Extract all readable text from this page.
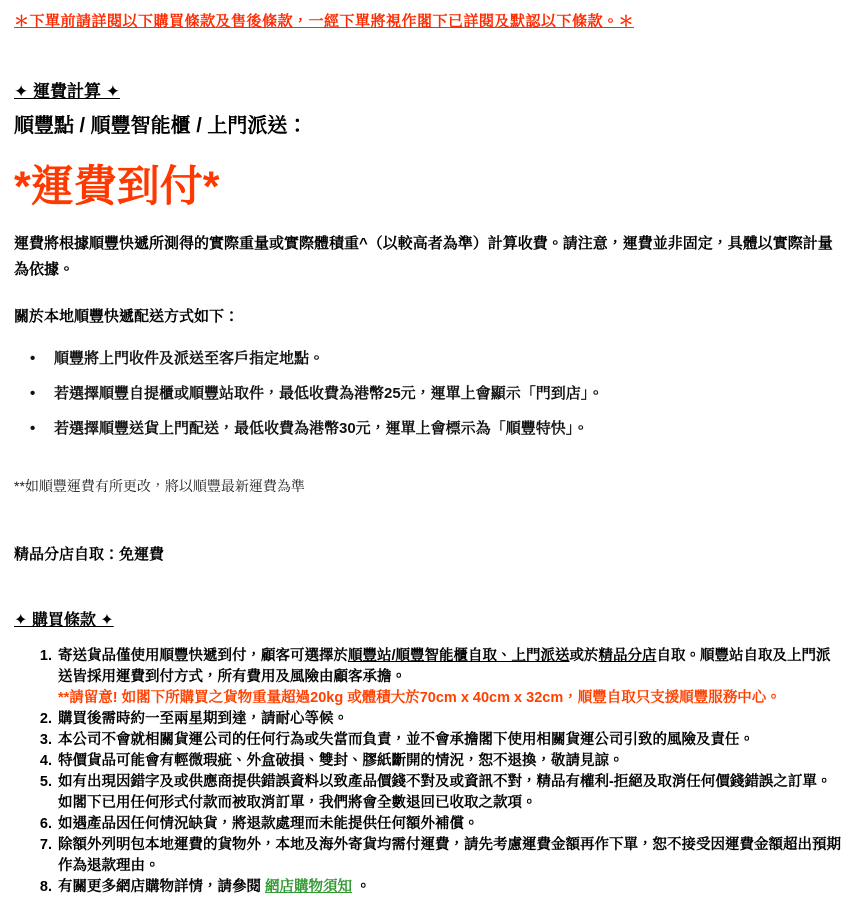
＊下單前請詳閱以下購買條款及售後條款，一經下單將視作閣下已詳閱及默認以下條款。＊

✦ 運費計算 ✦

順豐點 / 順豐智能櫃 / 上門派送：

*運費到付*

運費將根據順豐快遞所測得的實際重量或實際體積重^（以較高者為準）計算收費。請注意，運費並非固定，具體以實際計量為依據。

關於本地順豐快遞配送方式如下：

•	順豐將上門收件及派送至客戶指定地點。
•	若選擇順豐自提櫃或順豐站取件，最低收費為港幣25元，運單上會顯示「門到店」。
•	若選擇順豐送貨上門配送，最低收費為港幣30元，運單上會標示為「順豐特快」。

**如順豐運費有所更改，將以順豐最新運費為準

精品分店自取：免運費

✦ 購買條款 ✦
1. 寄送貨品僅使用順豐快遞到付，顧客可選擇於順豐站/順豐智能櫃自取、上門派送或於精品分店自取。順豐站自取及上門派送皆採用運費到付方式，所有費用及風險由顧客承擔。
**請留意! 如閣下所購買之貨物重量超過20kg 或體積大於70cm x 40cm x 32cm，順豐自取只支援順豐服務中心。
2. 購買後需時約一至兩星期到達，請耐心等候。
3. 本公司不會就相關貨運公司的任何行為或失當而負責，並不會承擔閣下使用相關貨運公司引致的風險及責任。
4. 特價貨品可能會有輕微瑕疵、外盒破損、雙封、膠紙斷開的情況，恕不退換，敬請見諒。
5. 如有出現因錯字及或供應商提供錯誤資料以致產品價錢不對及或資訊不對，精品有權利-拒絕及取消任何價錢錯誤之訂單。如閣下已用任何形式付款而被取消訂單，我們將會全數退回已收取之款項。
6. 如遇產品因任何情況缺貨，將退款處理而未能提供任何額外補償。
7. 除額外列明包本地運費的貨物外，本地及海外寄貨均需付運費，請先考慮運費金額再作下單，恕不接受因運費金額超出預期作為退款理由。
8. 有關更多網店購物詳情，請參閱 網店購物須知 。
